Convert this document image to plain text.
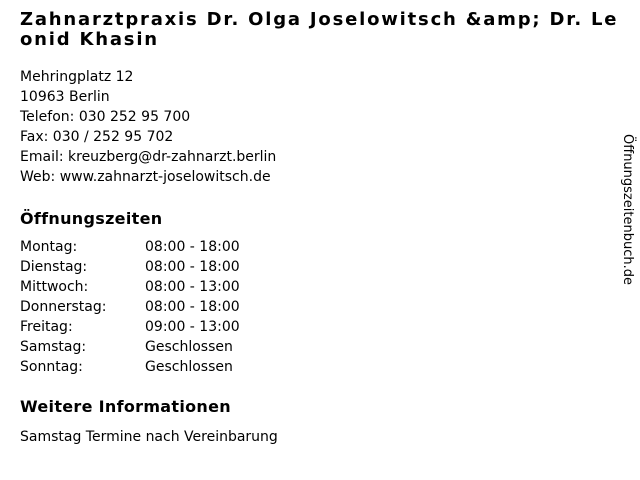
Zahnarztpraxis Dr. Olga Joselowitsch &amp; Dr. Leonid Khasin
Mehringplatz 12
10963 Berlin
Telefon: 030 252 95 700
Fax: 030 / 252 95 702
Email: kreuzberg@dr-zahnarzt.berlin
Web: www.zahnarzt-joselowitsch.de
Öffnungszeiten
Montag:	08:00 - 18:00
Dienstag:	08:00 - 18:00
Mittwoch:	08:00 - 13:00
Donnerstag:	08:00 - 18:00
Freitag:	09:00 - 13:00
Samstag:	Geschlossen
Sonntag:	Geschlossen
Weitere Informationen
Samstag Termine nach Vereinbarung
Öffnungszeitenbuch.de
